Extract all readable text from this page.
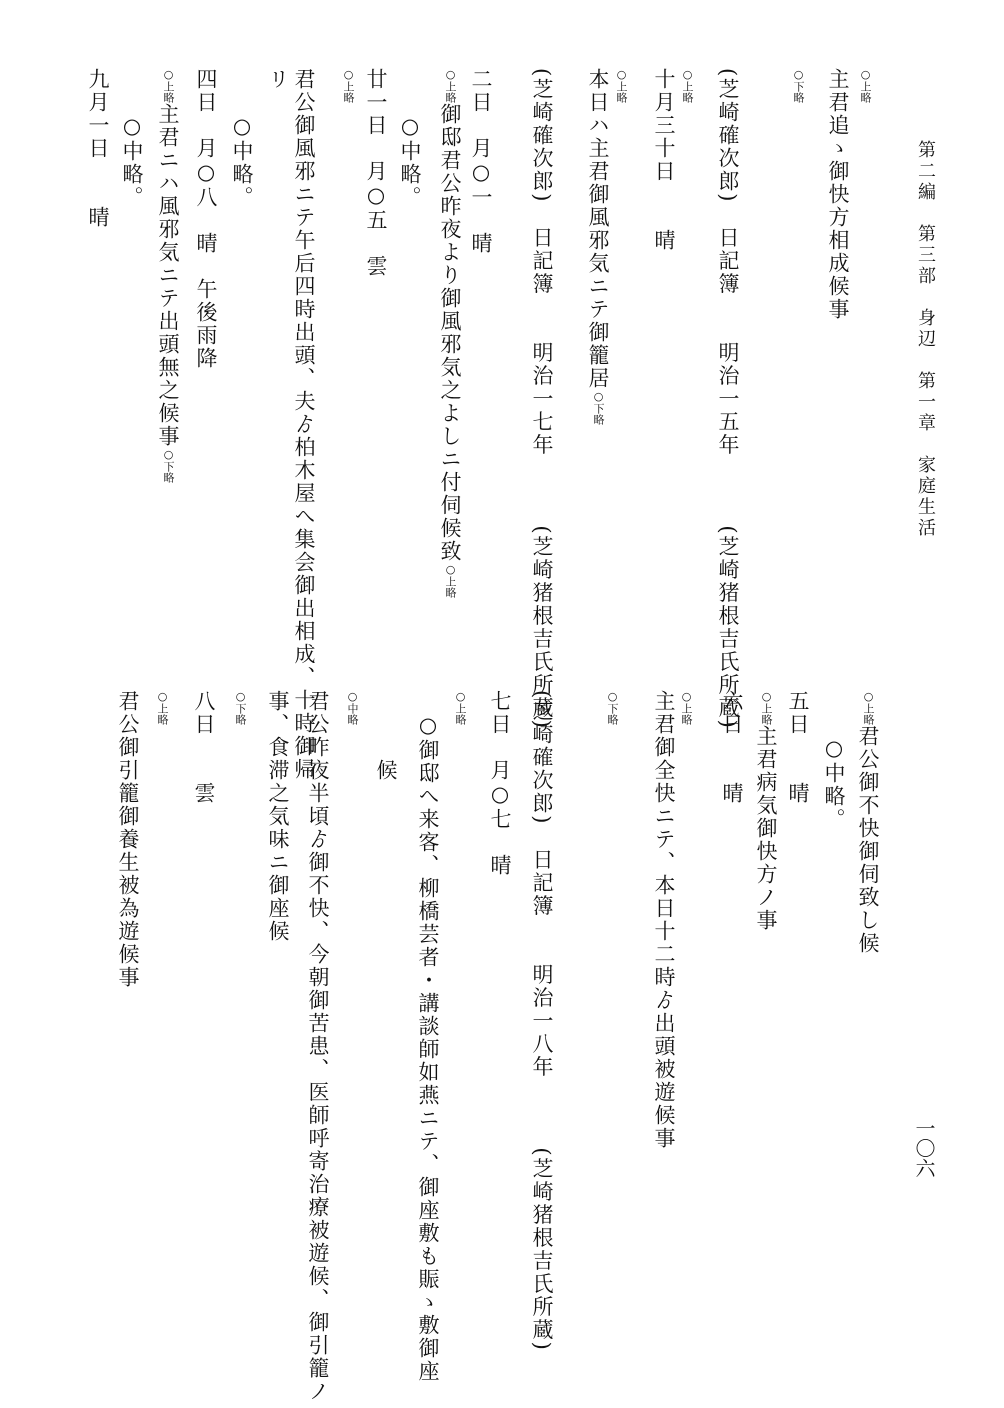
第二編　第三部　身辺　第一章　家庭生活
一〇六
○上略
主君追ゝ御快方相成候事
○下略
(芝崎確次郎)　日記簿　　明治一五年　　　(芝崎猪根吉氏所蔵)
○上略
十月三十日　　晴
○上略
本日ハ主君御風邪気ニテ御籠居○下略
(芝崎確次郎)　日記簿　　明治一七年　　　(芝崎猪根吉氏所蔵)
二日　月○一　晴
○上略御邸君公昨夜より御風邪気之よしニ付伺候致○上略
　　○中略。
廿一日　月○五　雲
○上略
君公御風邪ニテ午后四時出頭、夫ゟ柏木屋へ集会御出相成、十時御帰
リ
　　○中略。
四日　月○八　晴　午後雨降
○上略主君ニハ風邪気ニテ出頭無之候事○下略
　　○中略。
九月一日　　晴
○上略君公御不快御伺致し候
　　○中略。
五日　　晴
○上略主君病気御快方ノ事
六日　　晴
○上略
主君御全快ニテ、本日十二時ゟ出頭被遊候事
○下略
(芝崎確次郎)　日記簿　　明治一八年　　　(芝崎猪根吉氏所蔵)
七日　月○七　晴
○上略
　○御邸へ来客、柳橋芸者・講談師如燕ニテ、御座敷も賑ゝ敷御座
　　　候
○中略
君公昨夜半頃ゟ御不快、今朝御苦患、医師呼寄治療被遊候、御引籠ノ
事、食滞之気味ニ御座候
○下略
八日　　雲
○上略
君公御引籠御養生被為遊候事
